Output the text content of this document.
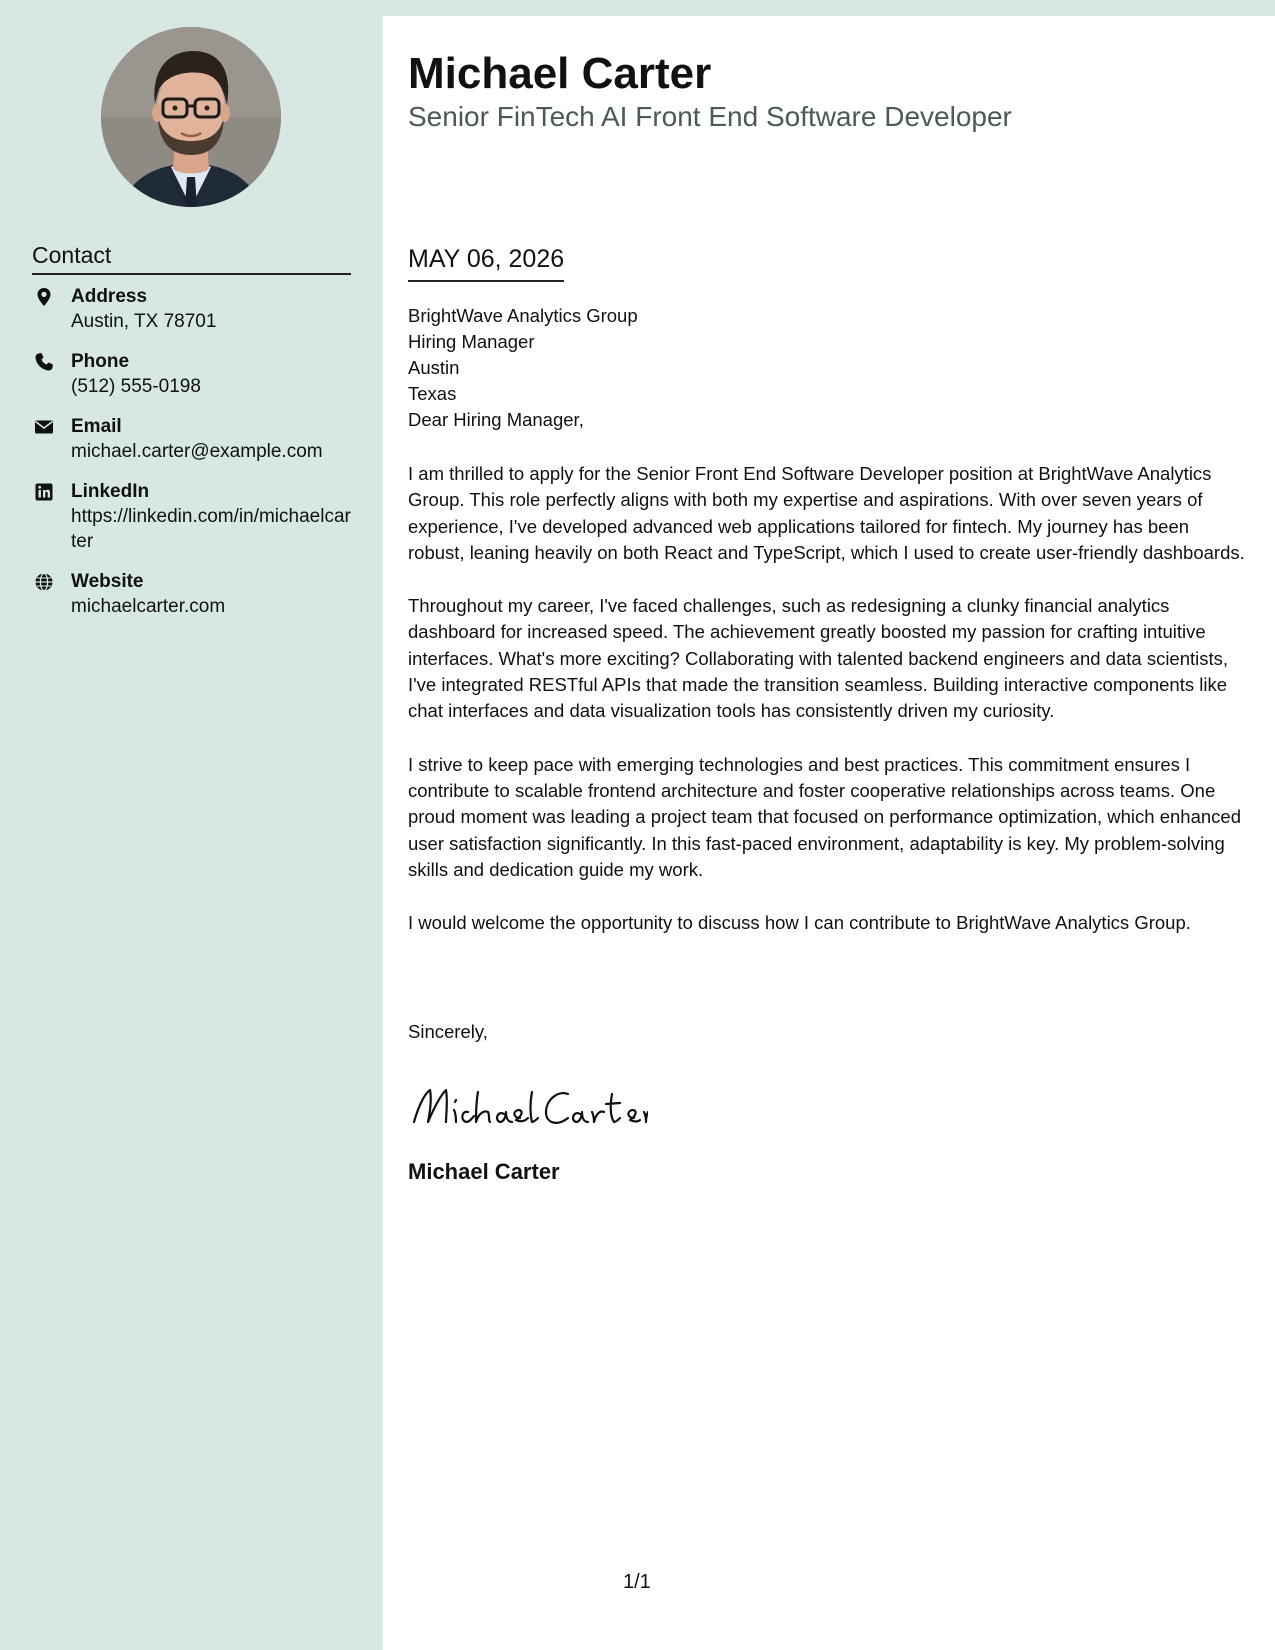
Contact
Address
Austin, TX 78701
Phone
(512) 555-0198
Email
michael.carter@example.com
LinkedIn
https://linkedin.com/in/michaelcarter
Website
michaelcarter.com
Michael Carter
Senior FinTech AI Front End Software Developer
MAY 06, 2026
BrightWave Analytics Group
Hiring Manager
Austin
Texas
Dear Hiring Manager,

I am thrilled to apply for the Senior Front End Software Developer position at BrightWave Analytics Group. This role perfectly aligns with both my expertise and aspirations. With over seven years of experience, I've developed advanced web applications tailored for fintech. My journey has been robust, leaning heavily on both React and TypeScript, which I used to create user-friendly dashboards.

Throughout my career, I've faced challenges, such as redesigning a clunky financial analytics dashboard for increased speed. The achievement greatly boosted my passion for crafting intuitive interfaces. What's more exciting? Collaborating with talented backend engineers and data scientists, I've integrated RESTful APIs that made the transition seamless. Building interactive components like chat interfaces and data visualization tools has consistently driven my curiosity.

I strive to keep pace with emerging technologies and best practices. This commitment ensures I contribute to scalable frontend architecture and foster cooperative relationships across teams. One proud moment was leading a project team that focused on performance optimization, which enhanced user satisfaction significantly. In this fast-paced environment, adaptability is key. My problem-solving skills and dedication guide my work.

I would welcome the opportunity to discuss how I can contribute to BrightWave Analytics Group.

Sincerely,
Michael Carter
1/1
